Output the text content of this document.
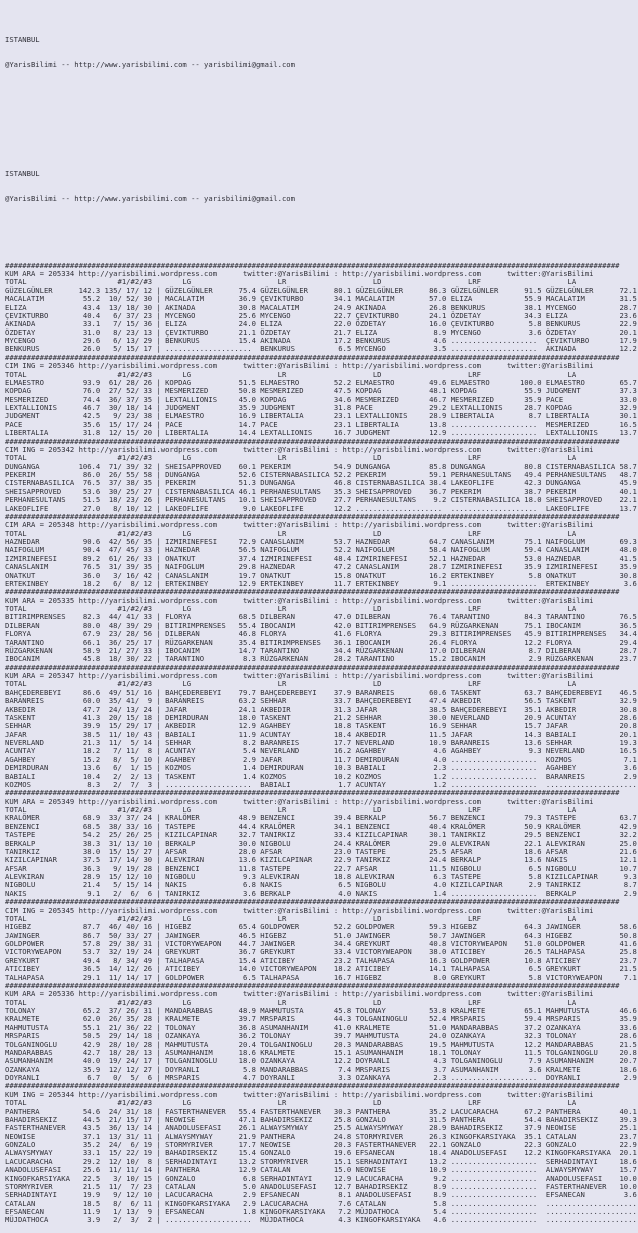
ISTANBUL

@YarisBilimi -- http://www.yarisbilimi.com -- yarisbilimi@gmail.com

ISTANBUL

@YarisBilimi -- http://www.yarisbilimi.com -- yarisbilimi@gmail.com

##############################################################################################################################################
KUM ARA = 205334 http://yarisbilimi.wordpress.com      twitter:@YarisBilimi : http://yarisbilimi.wordpress.com      twitter:@YarisBilimi
TOTAL                     #1/#2/#3       LG                    LR                    LD                    LRF                    LA
GÜZELGÜNLER      142.3 135/ 17/ 12 | GÜZELGÜNLER      75.4 GÜZELGÜNLER      80.1 GÜZELGÜNLER      86.3 GÜZELGÜNLER      91.5 GÜZELGÜNLER      72.1
MACALATIM         55.2  10/ 52/ 30 | MACALATIM        36.9 ÇEVIKTURBO       34.1 MACALATIM        57.0 ELIZA            55.9 MACALATIM        31.5
ELIZA             43.4  13/ 18/ 30 | AKINADA          30.8 MACALATIM        24.9 AKINADA          26.8 BENKURUS         38.1 MYCENGO          28.7
ÇEVIKTURBO        40.4   6/ 37/ 23 | MYCENGO          25.6 MYCENGO          22.7 ÇEVIKTURBO       24.1 ÖZDETAY          34.3 ELIZA            23.6
AKINADA           33.1   7/ 15/ 36 | ELIZA            24.0 ELIZA            22.0 ÖZDETAY          16.0 ÇEVIKTURBO        5.8 BENKURUS         22.9
ÖZDETAY           31.0   8/ 23/ 13 | ÇEVIKTURBO       21.1 ÖZDETAY          21.7 ELIZA             8.9 MYCENGO           3.6 ÖZDETAY          20.1
MYCENGO           29.6   6/ 13/ 29 | BENKURUS         15.4 AKINADA          17.2 BENKURUS          4.6 ....................  ÇEVIKTURBO       17.9
BENKURUS          26.0   5/ 15/ 17 | ....................  BENKURUS          6.5 MYCENGO           3.5 ....................  AKINADA          12.2
##############################################################################################################################################
CIM ING = 205346 http://yarisbilimi.wordpress.com      twitter:@YarisBilimi : http://yarisbilimi.wordpress.com      twitter:@YarisBilimi
TOTAL                     #1/#2/#3       LG                    LR                    LD                    LRF                    LA
ELMAESTRO         93.9  61/ 28/ 26 | KOPDAG           51.5 ELMAESTRO        52.2 ELMAESTRO        49.6 ELMAESTRO       100.0 ELMAESTRO        65.7
KOPDAG            76.0  27/ 52/ 33 | MESMERIZED       50.8 MESMERIZED       47.5 KOPDAG           48.1 KOPDAG           55.9 JUDGMENT         37.3
MESMERIZED        74.4  36/ 37/ 35 | LEXTALLIONIS     45.0 KOPDAG           34.6 MESMERIZED       46.7 MESMERIZED       35.9 PACE             33.0
LEXTALLIONIS      46.7  30/ 18/ 14 | JUDGMENT         35.9 JUDGMENT         31.8 PACE             29.2 LEXTALLIONIS     28.7 KOPDAG           32.9
JUDGMENT          42.5   9/ 23/ 38 | ELMAESTRO        16.9 LIBERTALIA       23.1 LEXTALLIONIS     28.9 LIBERTALIA        8.7 LIBERTALIA       30.1
PACE              35.6  15/ 17/ 24 | PACE             14.7 PACE             23.1 LIBERTALIA       13.8 ....................  MESMERIZED       16.5
LIBERTALIA        31.8  12/ 15/ 20 | LIBERTALIA       14.4 LEXTALLIONIS     16.7 JUDGMENT         12.9 ....................  LEXTALLIONIS     13.7
##############################################################################################################################################
CIM ING = 205342 http://yarisbilimi.wordpress.com      twitter:@YarisBilimi : http://yarisbilimi.wordpress.com      twitter:@YarisBilimi
TOTAL                     #1/#2/#3       LG                    LR                    LD                    LRF                    LA
DUNGANGA         106.4  71/ 39/ 32 | SHEISAPPROVED    60.1 PEKERIM          54.9 DUNGANGA         85.8 DUNGANGA         80.8 CISTERNABASILICA 58.7
PEKERIM           86.0  26/ 55/ 58 | DUNGANGA         52.6 CISTERNABASILICA 52.2 PEKERIM          59.1 PERHANESULTANS   49.4 PERHANESULTANS   48.7
CISTERNABASILICA  76.5  37/ 38/ 35 | PEKERIM          51.3 DUNGANGA         46.8 CISTERNABASILICA 38.4 LAKEOFLIFE       42.3 DUNGANGA         45.9
SHEISAPPROVED     53.6  30/ 25/ 27 | CISTERNABASILICA 46.1 PERHANESULTANS   35.3 SHEISAPPROVED    36.7 PEKERIM          38.7 PEKERIM          40.1
PERHANESULTANS    51.5  18/ 23/ 26 | PERHANESULTANS   10.1 SHEISAPPROVED    27.7 PERHANESULTANS    9.2 CISTERNABASILICA 18.0 SHEISAPPROVED    22.1
LAKEOFLIFE        27.0   8/ 10/ 12 | LAKEOFLIFE        9.0 LAKEOFLIFE       12.2 ....................  ....................  LAKEOFLIFE       13.7
##############################################################################################################################################
CIM ARA = 205348 http://yarisbilimi.wordpress.com      twitter:@YarisBilimi : http://yarisbilimi.wordpress.com      twitter:@YarisBilimi
TOTAL                     #1/#2/#3       LG                    LR                    LD                    LRF                    LA
HAZNEDAR          90.6  42/ 56/ 35 | IZMIRINEFESI     72.9 CANASLANIM       53.7 HAZNEDAR         64.7 CANASLANIM       75.1 NAIFOGLUM        69.3
NAIFOGLUM         90.4  47/ 45/ 33 | HAZNEDAR         56.5 NAIFOGLUM        52.2 NAIFOGLUM        58.4 NAIFOGLUM        59.4 CANASLANIM       48.0
IZMIRINEFESI      89.2  61/ 26/ 33 | ONATKUT          37.4 IZMIRINEFESI     48.4 IZMIRINEFESI     52.1 HAZNEDAR         53.0 HAZNEDAR         41.5
CANASLANIM        76.5  31/ 39/ 35 | NAIFOGLUM        29.8 HAZNEDAR         47.2 CANASLANIM       28.7 IZMIRINEFESI     35.9 IZMIRINEFESI     35.9
ONATKUT           36.0   3/ 16/ 42 | CANASLANIM       19.7 ONATKUT          15.8 ONATKUT          16.2 ERTEKINBEY        5.8 ONATKUT          30.8
ERTEKINBEY        18.2   6/  8/ 12 | ERTEKINBEY       12.9 ERTEKINBEY       11.7 ERTEKINBEY        9.1 ....................  ERTEKINBEY        3.6
##############################################################################################################################################
KUM ARA = 205335 http://yarisbilimi.wordpress.com      twitter:@YarisBilimi : http://yarisbilimi.wordpress.com      twitter:@YarisBilimi
TOTAL                     #1/#2/#3       LG                    LR                    LD                    LRF                    LA
BITIRIMPRENSES    82.3  44/ 41/ 33 | FLORYA           68.5 DILBERAN         47.0 DILBERAN         76.4 TARANTINO        84.3 TARANTINO        76.5
DILBERAN          80.0  48/ 39/ 29 | BITIRIMPRENSES   55.4 IBOCANIM         42.0 BITIRIMPRENSES   64.9 RÜZGARKENAN      75.1 IBOCANIM         36.5
FLORYA            67.9  23/ 28/ 56 | DILBERAN         46.8 FLORYA           41.6 FLORYA           29.3 BITIRIMPRENSES   45.9 BITIRIMPRENSES   34.4
TARANTINO         66.1  36/ 25/ 17 | RÜZGARKENAN      35.4 BITIRIMPRENSES   36.1 IBOCANIM         26.4 FLORYA           12.2 FLORYA           29.4
RÜZGARKENAN       58.9  21/ 27/ 33 | IBOCANIM         14.7 TARANTINO        34.4 RÜZGARKENAN      17.0 DILBERAN          8.7 DILBERAN         28.7
IBOCANIM          45.8  18/ 30/ 22 | TARANTINO         8.3 RÜZGARKENAN      28.2 TARANTINO        15.2 IBOCANIM          2.9 RÜZGARKENAN      23.7
##############################################################################################################################################
KUM ARA = 205347 http://yarisbilimi.wordpress.com      twitter:@YarisBilimi : http://yarisbilimi.wordpress.com      twitter:@YarisBilimi
TOTAL                     #1/#2/#3       LG                    LR                    LD                    LRF                    LA
BAHÇEDEREBEYI     86.6  49/ 51/ 16 | BAHÇEDEREBEYI    79.7 BAHÇEDEREBEYI    37.9 BARANREIS        60.6 TASKENT          63.7 BAHÇEDEREBEYI    46.5
BARANREIS         60.0  35/ 41/  9 | BARANREIS        63.2 SEHHAR           33.7 BAHÇEDEREBEYI    47.4 AKBEDIR          56.5 TASKENT          32.9
AKBEDIR           47.7  24/ 13/ 24 | JAFAR            24.1 AKBEDIR          31.3 JAFAR            38.5 BAHÇEDEREBEYI    35.1 AKBEDIR          30.8
TASKENT           41.3  20/ 15/ 18 | DEMIRDURAN       18.0 TASKENT          21.2 SEHHAR           30.0 NEVERLAND        20.9 ACUNTAY          28.6
SEHHAR            39.9  15/ 29/ 17 | AKBEDIR          12.9 AGAHBEY          18.8 TASKENT          16.9 SEHHAR           15.7 JAFAR            20.8
JAFAR             38.5  11/ 10/ 43 | BABIALI          11.9 ACUNTAY          18.4 AKBEDIR          11.5 JAFAR            14.3 BABIALI          20.1
NEVERLAND         21.3  11/  5/ 14 | SEHHAR            8.2 BARANREIS        17.7 NEVERLAND        10.9 BARANREIS        13.6 SEHHAR           19.3
ACUNTAY           18.2   7/ 11/  8 | ACUNTAY           5.4 NEVERLAND        16.2 AGAHBEY           4.6 AGAHBEY           9.3 NEVERLAND        16.5
AGAHBEY           15.2   8/  5/ 10 | AGAHBEY           2.9 JAFAR            11.7 DEMIRDURAN        4.0 ....................  KOZMOS            7.1
DEMIRDURAN        13.6   6/  1/ 15 | KOZMOS            1.4 DEMIRDURAN       10.3 BABIALI           2.3 ....................  AGAHBEY           3.6
BABIALI           10.4   2/  2/ 13 | TASKENT           1.4 KOZMOS           10.2 KOZMOS            1.2 ....................  BARANREIS         2.9
KOZMOS             8.3   2/  7/  3 | ....................  BABIALI           1.7 ACUNTAY           1.2 ....................  .....................
##############################################################################################################################################
KUM ARA = 205349 http://yarisbilimi.wordpress.com      twitter:@YarisBilimi : http://yarisbilimi.wordpress.com      twitter:@YarisBilimi
TOTAL                     #1/#2/#3       LG                    LR                    LD                    LRF                    LA
KRALÖMER          68.9  33/ 37/ 24 | KRALÖMER         48.9 BENZENCI         39.4 BERKALP          56.7 BENZENCI         79.3 TASTEPE          63.7
BENZENCI          68.5  38/ 33/ 16 | TASTEPE          44.4 KRALÖMER         34.1 BENZENCI         40.4 KRALÖMER         50.9 KRALÖMER         42.9
TASTEPE           54.2  25/ 26/ 25 | KIZILCAPINAR     32.7 TANIRKIZ         33.4 KIZILCAPINAR     30.1 TANIRKIZ         29.5 BENZENCI         32.2
BERKALP           38.3  31/ 13/ 10 | BERKALP          30.0 NIGBOLU          24.4 KRALÖMER         29.0 ALEVKIRAN        22.1 ALEVKIRAN        25.0
TANIRKIZ          38.0  15/ 15/ 27 | AFSAR            28.0 AFSAR            23.0 TASTEPE          25.5 AFSAR            18.6 AFSAR            21.6
KIZILCAPINAR      37.5  17/ 14/ 30 | ALEVKIRAN        13.6 KIZILCAPINAR     22.9 TANIRKIZ         24.4 BERKALP          13.6 NAKIS            12.1
AFSAR             36.3   9/ 19/ 28 | BENZENCI         11.8 TASTEPE          22.7 AFSAR            11.5 NIGBOLU           6.5 NIGBOLU          10.7
ALEVKIRAN         28.9  15/ 12/ 10 | NIGBOLU           9.3 ALEVKIRAN        18.8 ALEVKIRAN         6.3 TASTEPE           5.8 KIZILCAPINAR      9.3
NIGBOLU           21.4   5/ 15/ 14 | NAKIS             6.8 NAKIS             6.5 NIGBOLU           4.0 KIZILCAPINAR      2.9 TANIRKIZ          8.7
NAKIS              9.1   2/  6/  6 | TANIRKIZ          3.6 BERKALP           4.0 NAKIS             1.4 ....................  BERKALP           2.9
##############################################################################################################################################
CIM ING = 205345 http://yarisbilimi.wordpress.com      twitter:@YarisBilimi : http://yarisbilimi.wordpress.com      twitter:@YarisBilimi
TOTAL                     #1/#2/#3       LG                    LR                    LD                    LRF                    LA
HIGEBZ            87.7  46/ 40/ 16 | HIGEBZ           65.4 GOLDPOWER        52.2 GOLDPOWER        59.3 HIGEBZ           64.3 JAWINGER         58.6
JAWINGER          86.7  50/ 33/ 27 | JAWINGER         46.5 HIGEBZ           51.0 JAWINGER         50.7 JAWINGER         64.3 HIGEBZ           50.8
GOLDPOWER         57.8  29/ 38/ 31 | VICTORYWEAPON    44.7 JAWINGER         34.4 GREYKURT         40.8 VICTORYWEAPON    51.0 GOLDPOWER        41.6
VICTORYWEAPON     53.7  32/ 19/ 24 | GREYKURT         36.7 GREYKURT         33.4 VICTORYWEAPON    38.0 ATICIBEY         26.5 TALHAPASA        25.8
GREYKURT          49.4   8/ 34/ 49 | TALHAPASA        15.4 ATICIBEY         23.2 TALHAPASA        16.3 GOLDPOWER        10.8 ATICIBEY         23.7
ATICIBEY          36.5  14/ 12/ 26 | ATICIBEY         14.0 VICTORYWEAPON    18.2 ATICIBEY         14.1 TALHAPASA         6.5 GREYKURT         21.5
TALHAPASA         29.1  11/ 14/ 17 | GOLDPOWER         6.5 TALHAPASA        16.7 HIGEBZ            8.0 GREYKURT          5.8 VICTORYWEAPON     7.1
##############################################################################################################################################
KUM ARA = 205336 http://yarisbilimi.wordpress.com      twitter:@YarisBilimi : http://yarisbilimi.wordpress.com      twitter:@YarisBilimi
TOTAL                     #1/#2/#3       LG                    LR                    LD                    LRF                    LA
TOLONAY           65.2  37/ 26/ 31 | MANDARABBAS      48.9 MAHMUTUSTA       45.8 TOLONAY          53.8 KRALMETE         65.1 MAHMUTUSTA       46.6
KRALMETE          62.0  26/ 35/ 28 | KRALMETE         39.7 MRSPARIS         44.3 TOLGANINOGLU     52.4 MRSPARIS         59.4 MRSPARIS         35.9
MAHMUTUSTA        55.1  21/ 36/ 22 | TOLONAY          36.8 ASUMANHANIM      41.0 KRALMETE         51.0 MANDARABBAS      37.2 OZANKAYA         33.6
MRSPARIS          50.5  29/ 14/ 18 | OZANKAYA         36.2 TOLONAY          39.7 MAHMUTUSTA       24.0 OZANKAYA         32.3 TOLONAY          28.6
TOLGANINOGLU      42.9  28/ 10/ 28 | MAHMUTUSTA       20.4 TOLGANINOGLU     20.3 MANDARABBAS      19.5 MAHMUTUSTA       12.2 MANDARABBAS      21.5
MANDARABBAS       42.7  18/ 28/ 13 | ASUMANHANIM      18.6 KRALMETE         15.1 ASUMANHANIM      18.1 TOLONAY          11.5 TOLGANINOGLU     20.8
ASUMANHANIM       40.0  19/ 24/ 17 | TOLGANINOGLU     18.0 OZANKAYA         12.2 DOYRANLI          4.3 TOLGANINOGLU      7.9 ASUMANHANIM      20.7
OZANKAYA          35.9  12/ 12/ 27 | DOYRANLI          5.8 MANDARABBAS       7.4 MRSPARIS          3.7 ASUMANHANIM       3.6 KRALMETE         18.6
DOYRANLI           6.7   0/  5/  6 | MRSPARIS          4.7 DOYRANLI          3.3 OZANKAYA          2.3 ....................  DOYRANLI          2.9
##############################################################################################################################################
KUM ING = 205344 http://yarisbilimi.wordpress.com      twitter:@YarisBilimi : http://yarisbilimi.wordpress.com      twitter:@YarisBilimi
TOTAL                     #1/#2/#3       LG                    LR                    LD                    LRF                    LA
PANTHERA          54.6  24/ 31/ 18 | FASTERTHANEVER   55.4 FASTERTHANEVER   30.3 PANTHERA         35.2 LACUCARACHA      67.2 PANTHERA         40.1
BAHADIRSEKIZ      44.5  21/ 15/ 17 | NEOWISE          47.1 BAHADIRSEKIZ     25.8 GONZALO          31.5 PANTHERA         54.4 BAHADIRSEKIZ     39.3
FASTERTHANEVER    43.5  36/ 13/ 14 | ANADOLUSEFASI    26.1 ALWAYSMYWAY      25.5 ALWAYSMYWAY      28.9 BAHADIRSEKIZ     37.9 NEOWISE          25.1
NEOWISE           37.1  13/ 31/ 11 | ALWAYSMYWAY      21.9 PANTHERA         24.8 STORMYRIVER      26.3 KINGOFKARSIYAKA  35.1 CATALAN          23.7
GONZALO           35.2  24/  6/ 19 | STORMYRIVER      17.7 NEOWISE          20.3 FASTERTHANEVER   22.1 GONZALO          22.3 GONZALO          22.9
ALWAYSMYWAY       33.1  15/ 22/ 19 | BAHADIRSEKIZ     15.4 GONZALO          19.6 EFSANECAN        18.4 ANADOLUSEFASI    12.2 KINGOFKARSIYAKA  20.1
LACUCARACHA       29.2  12/ 10/  8 | SERHADINTAYI     13.2 STORMYRIVER      15.1 SERHADINTAYI     13.2 ....................  SERHADINTAYI     18.6
ANADOLUSEFASI     25.6  11/ 11/ 14 | PANTHERA         12.9 CATALAN          15.0 NEOWISE          10.9 ....................  ALWAYSMYWAY      15.7
KINGOFKARSIYAKA   22.5   3/ 10/ 15 | GONZALO           6.8 SERHADINTAYI     12.9 LACUCARACHA       9.2 ....................  ANADOLUSEFASI    10.0
STORMYRIVER       21.5  11/  7/ 23 | CATALAN           5.0 ANADOLUSEFASI    12.7 BAHADIRSEKIZ      8.9 ....................  FASTERTHANEVER   10.0
SERHADINTAYI      19.9   9/ 12/ 10 | LACUCARACHA       2.9 EFSANECAN         8.1 ANADOLUSEFASI     8.9 ....................  EFSANECAN         3.6
CATALAN           18.5   8/  6/ 11 | KINGOFKARSIYAKA   2.9 LACUCARACHA       7.6 CATALAN           5.8 ....................  .....................
EFSANECAN         11.9   1/ 13/  9 | EFSANECAN         1.8 KINGOFKARSIYAKA   7.2 MÜJDATHOCA        5.4 ....................  .....................
MÜJDATHOCA         3.9   2/  3/  2 | ....................  MÜJDATHOCA        4.3 KINGOFKARSIYAKA   4.6 ....................  .....................
